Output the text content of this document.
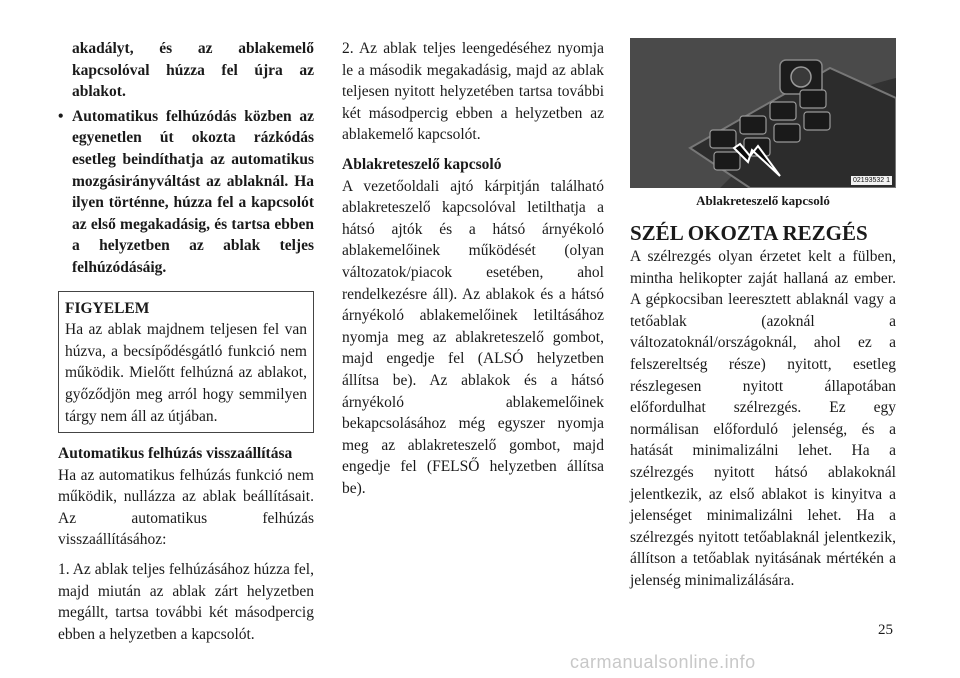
akadályt, és az ablakemelő kapcsolóval húzza fel újra az ablakot.

• Automatikus felhúzódás közben az egyenetlen út okozta rázkódás esetleg beindíthatja az automatikus mozgásirányváltást az ablaknál. Ha ilyen történne, húzza fel a kapcsolót az első megakadásig, és tartsa ebben a helyzetben az ablak teljes felhúzódásáig.

FIGYELEM

Ha az ablak majdnem teljesen fel van húzva, a becsípődésgátló funkció nem működik. Mielőtt felhúzná az ablakot, győződjön meg arról hogy semmilyen tárgy nem áll az útjában.

Automatikus felhúzás visszaállítása

Ha az automatikus felhúzás funkció nem működik, nullázza az ablak beállításait. Az automatikus felhúzás visszaállításához:

1. Az ablak teljes felhúzásához húzza fel, majd miután az ablak zárt helyzetben megállt, tartsa további két másodpercig ebben a helyzetben a kapcsolót.

2. Az ablak teljes leengedéséhez nyomja le a második megakadásig, majd az ablak teljesen nyitott helyzetében tartsa további két másodpercig ebben a helyzetben az ablakemelő kapcsolót.

Ablakreteszelő kapcsoló

A vezetőoldali ajtó kárpitján található ablakreteszelő kapcsolóval letilthatja a hátsó ajtók és a hátsó árnyékoló ablakemelőinek működését (olyan változatok/piacok esetében, ahol rendelkezésre áll). Az ablakok és a hátsó árnyékoló ablakemelőinek letiltásához nyomja meg az ablakreteszelő gombot, majd engedje fel (ALSÓ helyzetben állítsa be). Az ablakok és a hátsó árnyékoló ablakemelőinek bekapcsolásához még egyszer nyomja meg az ablakreteszelő gombot, majd engedje fel (FELSŐ helyzetben állítsa be).

02193532 1

Ablakreteszelő kapcsoló

SZÉL OKOZTA REZGÉS

A szélrezgés olyan érzetet kelt a fülben, mintha helikopter zaját hallaná az ember. A gépkocsiban leeresztett ablaknál vagy a tetőablak (azoknál a változatoknál/országoknál, ahol ez a felszereltség része) nyitott, esetleg részlegesen nyitott állapotában előfordulhat szélrezgés. Ez egy normálisan előforduló jelenség, és a hatását minimalizálni lehet. Ha a szélrezgés nyitott hátsó ablakoknál jelentkezik, az első ablakot is kinyitva a jelenséget minimalizálni lehet. Ha a szélrezgés nyitott tetőablaknál jelentkezik, állítson a tetőablak nyitásának mértékén a jelenség minimalizálására.

25
carmanualsonline.info
